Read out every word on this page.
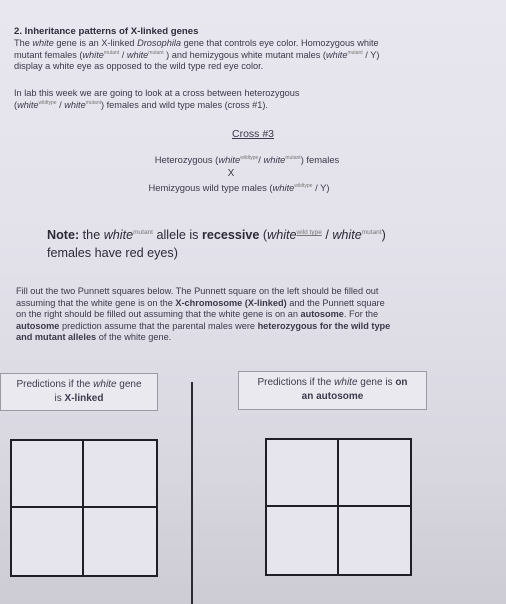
2. Inheritance patterns of X-linked genes

The white gene is an X-linked Drosophila gene that controls eye color. Homozygous white

mutant females (white$^{mutant}$ / white$^{mutant}$ ) and hemizygous white mutant males (white$^{mutant}$ / Y)

display a white eye as opposed to the wild type red eye color.

In lab this week we are going to look at a cross between heterozygous

(white$^{wildtype}$ / white$^{mutant}$) females and wild type males (cross #1).

Cross #3
Heterozygous (white$^{wildtype}$/ white$^{mutant}$) females
X
Hemizygous wild type males (white$^{wildtype}$ / Y)
Note: the white$^{mutant}$ allele is recessive (white$^{wild type}$ / white$^{mutant}$)
females have red eyes)

Fill out the two Punnett squares below. The Punnett square on the left should be filled out

assuming that the white gene is on the X-chromosome (X-linked) and the Punnett square

on the right should be filled out assuming that the white gene is on an autosome. For the

autosome prediction assume that the parental males were heterozygous for the wild type

and mutant alleles of the white gene.

Predictions if the white gene
is X-linked
Predictions if the white gene is on
an autosome
